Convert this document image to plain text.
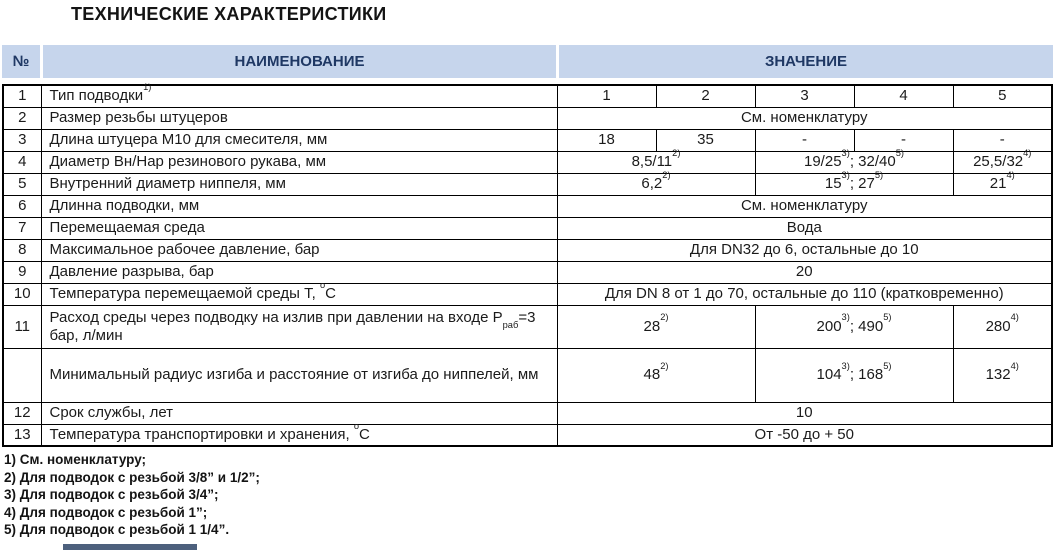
ТЕХНИЧЕСКИЕ ХАРАКТЕРИСТИКИ
№	НАИМЕНОВАНИЕ	ЗНАЧЕНИЕ
1	Тип подводки$^{1)}$	1	2	3	4	5
2	Размер резьбы штуцеров	См. номенклатуру				
3	Длина штуцера М10 для смесителя, мм	18	35	-	-	-
4	Диаметр Вн/Нар резинового рукава, мм	8,5/11$^{2)}$		19/25$^{3)}$; 32/40$^{5)}$		25,5/32$^{4)}$
5	Внутренний диаметр ниппеля, мм	6,2$^{2)}$		15$^{3)}$; 27$^{5)}$		21$^{4)}$
6	Длинна подводки, мм	См. номенклатуру				
7	Перемещаемая среда	Вода				
8	Максимальное рабочее давление, бар	Для DN32 до 6, остальные до 10				
9	Давление разрыва, бар	20				
10	Температура перемещаемой среды Т, $^о$С	Для DN 8 от 1 до 70, остальные до 110 (кратковременно)				
11	Расход среды через подводку на излив при давлении на входе $Р_{раб}=3$ бар, л/мин	28$^{2)}$		200$^{3)}$; 490$^{5)}$		280$^{4)}$
	Минимальный радиус изгиба и расстояние от изгиба до ниппелей, мм	48$^{2)}$		104$^{3)}$; 168$^{5)}$		132$^{4)}$
12	Срок службы, лет	10				
13	Температура транспортировки и хранения, $^о$С	От -50 до + 50				
1) См. номенклатуру;
2) Для подводок с резьбой 3/8” и 1/2”;
3) Для подводок с резьбой 3/4”;
4) Для подводок с резьбой 1”;
5) Для подводок с резьбой 1 1/4”.
